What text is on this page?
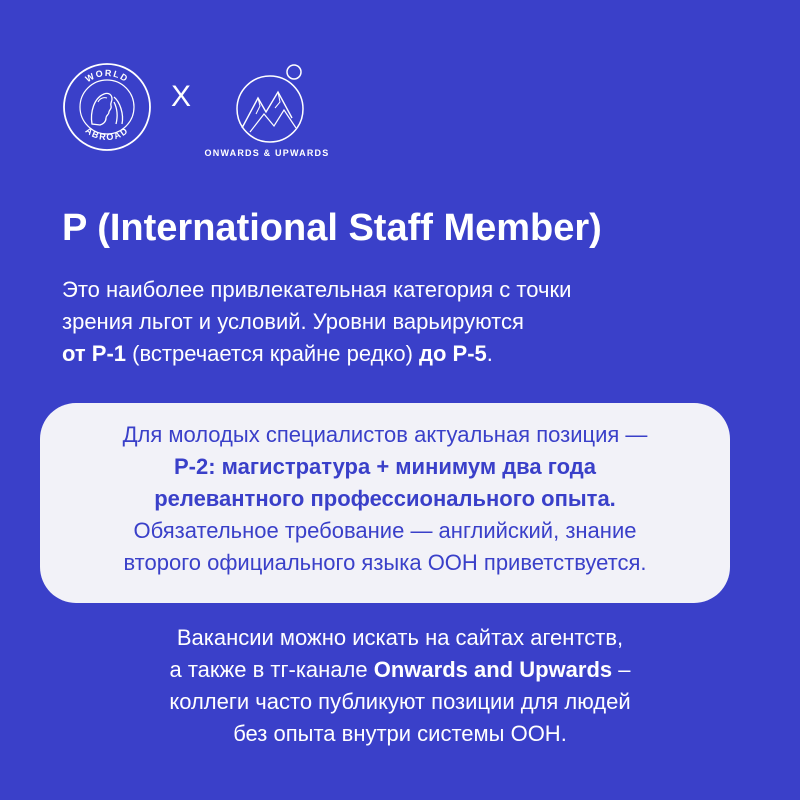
WORLD
ABROAD
X
ONWARDS & UPWARDS
P (International Staff Member)

Это наиболее привлекательная категория с точки
зрения льгот и условий. Уровни варьируются
от P-1 (встречается крайне редко) до P-5.

Для молодых специалистов актуальная позиция —

P-2: магистратура + минимум два года

релевантного профессионального опыта.

Обязательное требование — английский, знание

второго официального языка ООН приветствуется.

Вакансии можно искать на сайтах агентств,
а также в тг-канале Onwards and Upwards –
коллеги часто публикуют позиции для людей
без опыта внутри системы ООН.
